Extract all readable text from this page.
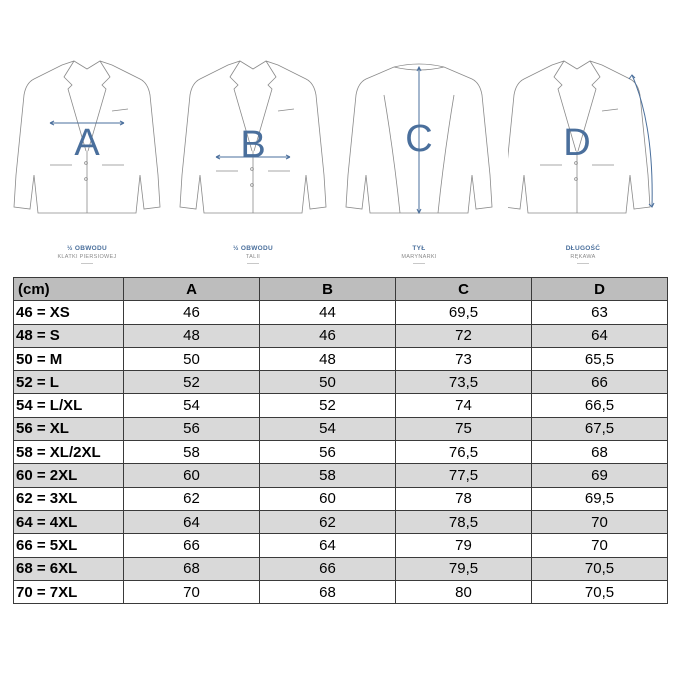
A	B	C	D
½ OBWODU
KLATKI PIERSIOWEJ
½ OBWODU
TALII
TYŁ
MARYNARKI
DŁUGOŚĆ
RĘKAWA
(cm)	A	B	C	D
46 = XS	46	44	69,5	63
48 = S	48	46	72	64
50 = M	50	48	73	65,5
52 = L	52	50	73,5	66
54 = L/XL	54	52	74	66,5
56 = XL	56	54	75	67,5
58 = XL/2XL	58	56	76,5	68
60 = 2XL	60	58	77,5	69
62 = 3XL	62	60	78	69,5
64 = 4XL	64	62	78,5	70
66 = 5XL	66	64	79	70
68 = 6XL	68	66	79,5	70,5
70 = 7XL	70	68	80	70,5
